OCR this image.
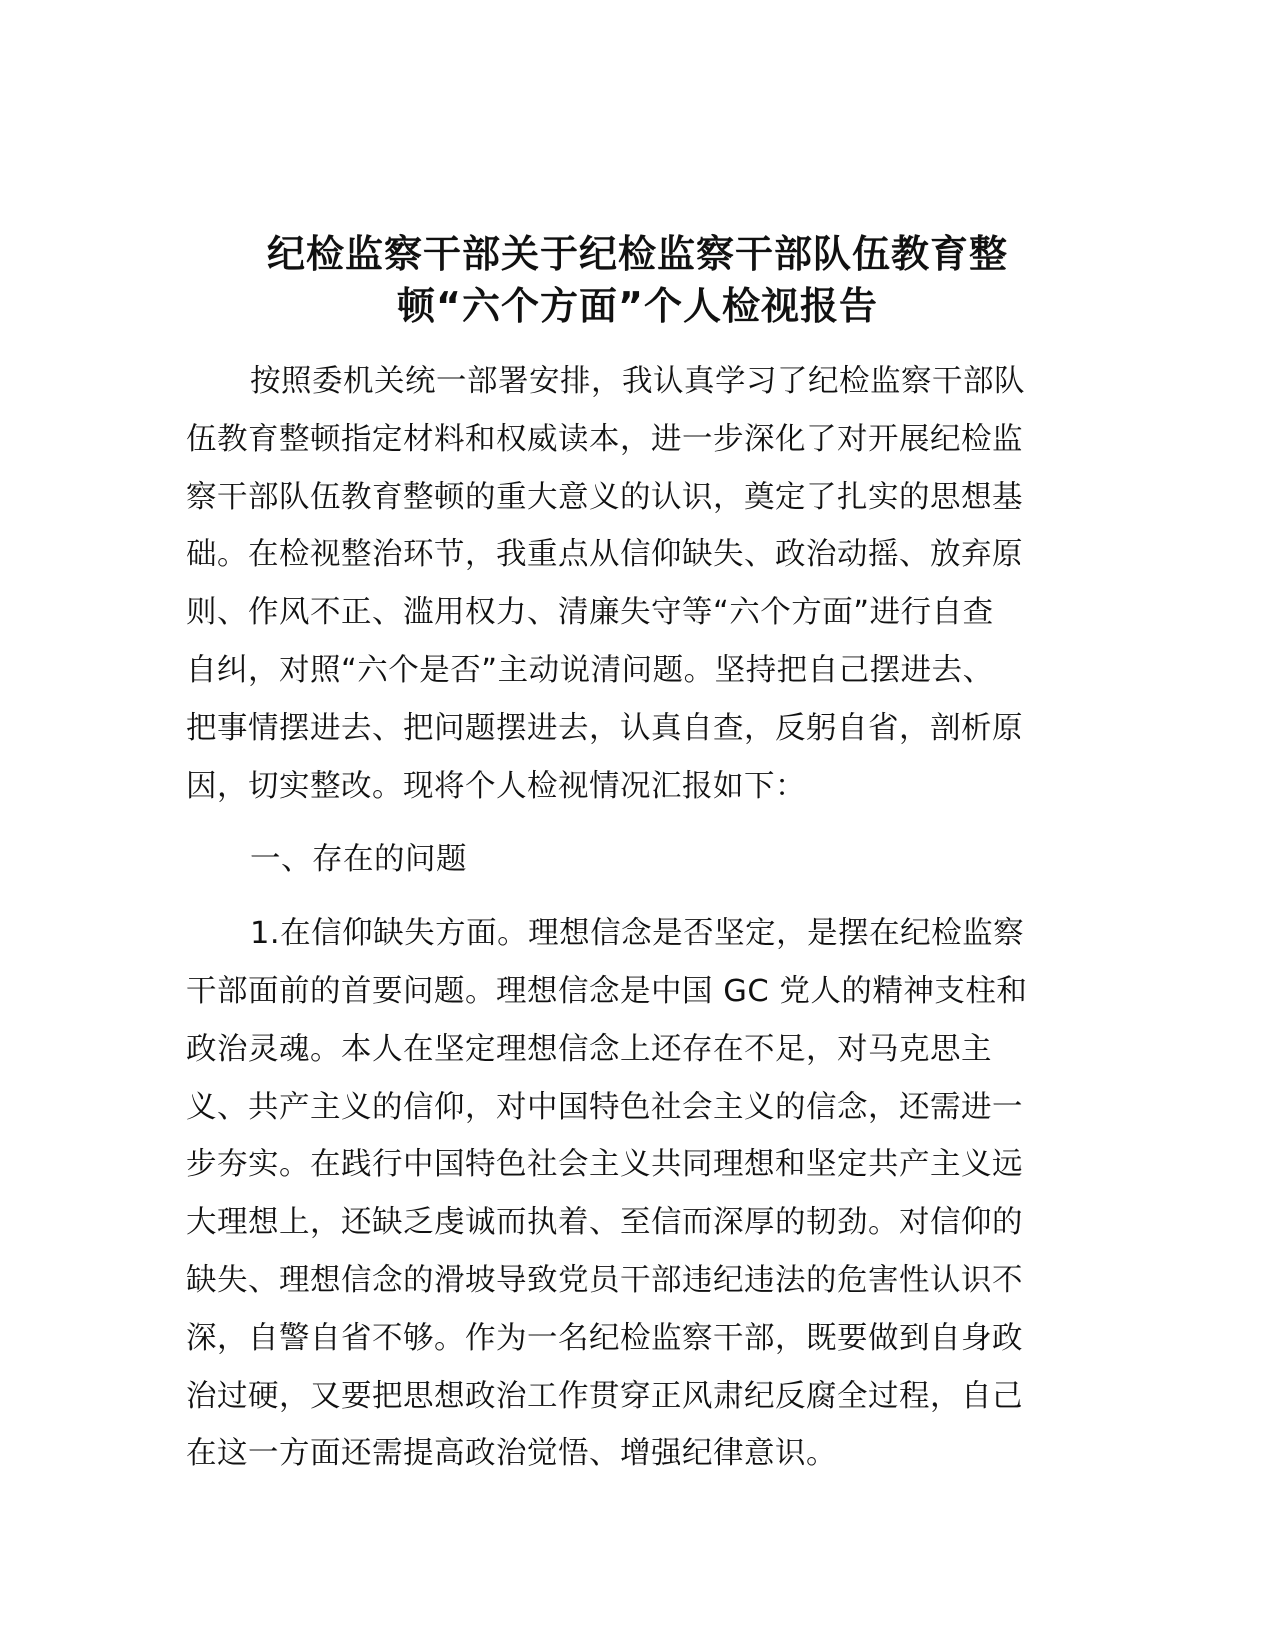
纪检监察干部关于纪检监察干部队伍教育整
顿“六个方面”个人检视报告
按照委机关统一部署安排，我认真学习了纪检监察干部队
伍教育整顿指定材料和权威读本，进一步深化了对开展纪检监
察干部队伍教育整顿的重大意义的认识，奠定了扎实的思想基
础。在检视整治环节，我重点从信仰缺失、政治动摇、放弃原
则、作风不正、滥用权力、清廉失守等“六个方面”进行自查
自纠，对照“六个是否”主动说清问题。坚持把自己摆进去、
把事情摆进去、把问题摆进去，认真自查，反躬自省，剖析原
因，切实整改。现将个人检视情况汇报如下：
一、存在的问题
1.在信仰缺失方面。理想信念是否坚定，是摆在纪检监察
干部面前的首要问题。理想信念是中国 GC 党人的精神支柱和
政治灵魂。本人在坚定理想信念上还存在不足，对马克思主
义、共产主义的信仰，对中国特色社会主义的信念，还需进一
步夯实。在践行中国特色社会主义共同理想和坚定共产主义远
大理想上，还缺乏虔诚而执着、至信而深厚的韧劲。对信仰的
缺失、理想信念的滑坡导致党员干部违纪违法的危害性认识不
深，自警自省不够。作为一名纪检监察干部，既要做到自身政
治过硬，又要把思想政治工作贯穿正风肃纪反腐全过程，自己
在这一方面还需提高政治觉悟、增强纪律意识。
